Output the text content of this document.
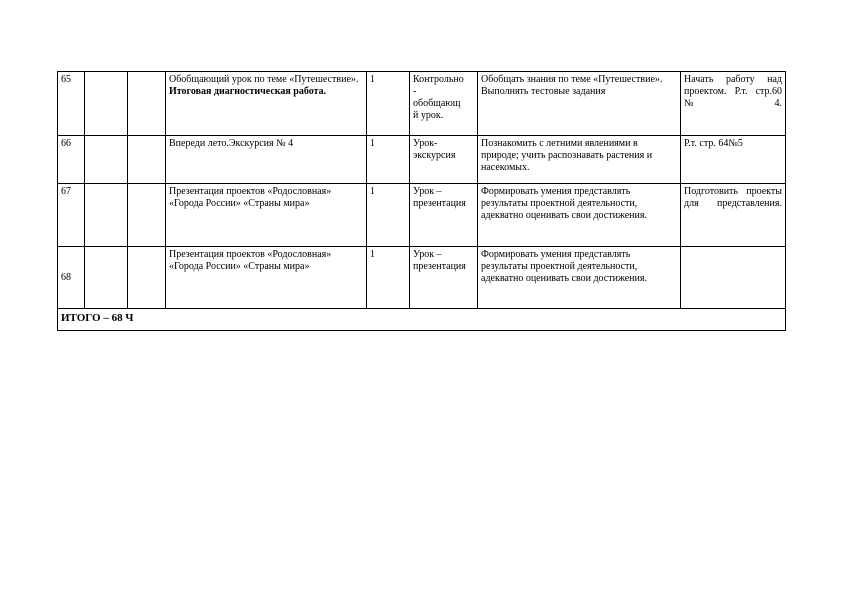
65			Обобщающий урок по теме «Путешествие».
Итоговая диагностическая работа.	1	Контрольно
-
обобщающ
й урок.	Обобщать знания по теме «Путешествие». Выполнять тестовые задания	Начать работу над проектом. Р.т. стр.60 №4.
66			Впереди лето.Экскурсия № 4	1	Урок-
экскурсия	Познакомить с летними явлениями в природе; учить распознавать растения и насекомых.	Р.т. стр. 64№5
67			Презентация проектов «Родословная» «Города России» «Страны мира»	1	Урок –
презентация	Формировать умения представлять результаты проектной деятельности, адекватно оценивать свои достижения.	Подготовить проекты для представления.
68			Презентация проектов «Родословная» «Города России» «Страны мира»	1	Урок –
презентация	Формировать умения представлять результаты проектной деятельности, адекватно оценивать свои достижения.	
ИТОГО – 68 Ч							
